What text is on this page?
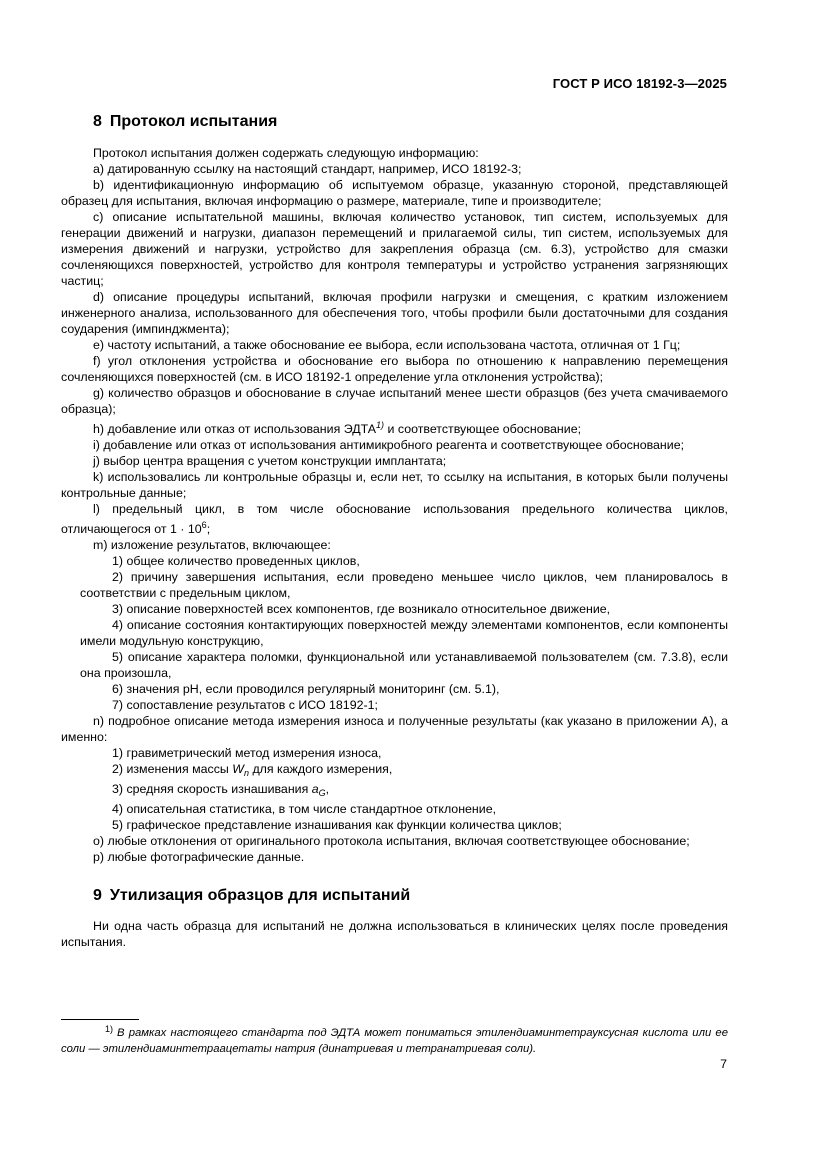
ГОСТ Р ИСО 18192-3—2025
8 Протокол испытания

Протокол испытания должен содержать следующую информацию:

a) датированную ссылку на настоящий стандарт, например, ИСО 18192-3;

b) идентификационную информацию об испытуемом образце, указанную стороной, представляющей образец для испытания, включая информацию о размере, материале, типе и производителе;

c) описание испытательной машины, включая количество установок, тип систем, используемых для генерации движений и нагрузки, диапазон перемещений и прилагаемой силы, тип систем, используемых для измерения движений и нагрузки, устройство для закрепления образца (см. 6.3), устройство для смазки сочленяющихся поверхностей, устройство для контроля температуры и устройство устранения загрязняющих частиц;

d) описание процедуры испытаний, включая профили нагрузки и смещения, с кратким изложением инженерного анализа, использованного для обеспечения того, чтобы профили были достаточными для создания соударения (импинджмента);

e) частоту испытаний, а также обоснование ее выбора, если использована частота, отличная от 1 Гц;

f) угол отклонения устройства и обоснование его выбора по отношению к направлению перемещения сочленяющихся поверхностей (см. в ИСО 18192-1 определение угла отклонения устройства);

g) количество образцов и обоснование в случае испытаний менее шести образцов (без учета смачиваемого образца);

h) добавление или отказ от использования ЭДТА$^{1)}$ и соответствующее обоснование;

i) добавление или отказ от использования антимикробного реагента и соответствующее обоснование;

j) выбор центра вращения с учетом конструкции имплантата;

k) использовались ли контрольные образцы и, если нет, то ссылку на испытания, в которых были получены контрольные данные;

l) предельный цикл, в том числе обоснование использования предельного количества циклов, отличающегося от $1 \cdot 10^6$;

m) изложение результатов, включающее:

1) общее количество проведенных циклов,

2) причину завершения испытания, если проведено меньшее число циклов, чем планировалось в соответствии с предельным циклом,

3) описание поверхностей всех компонентов, где возникало относительное движение,

4) описание состояния контактирующих поверхностей между элементами компонентов, если компоненты имели модульную конструкцию,

5) описание характера поломки, функциональной или устанавливаемой пользователем (см. 7.3.8), если она произошла,

6) значения pH, если проводился регулярный мониторинг (см. 5.1),

7) сопоставление результатов с ИСО 18192-1;

n) подробное описание метода измерения износа и полученные результаты (как указано в приложении A), а именно:

1) гравиметрический метод измерения износа,

2) изменения массы $W_n$ для каждого измерения,

3) средняя скорость изнашивания $a_G$,

4) описательная статистика, в том числе стандартное отклонение,

5) графическое представление изнашивания как функции количества циклов;

o) любые отклонения от оригинального протокола испытания, включая соответствующее обоснование;

p) любые фотографические данные.

9 Утилизация образцов для испытаний

Ни одна часть образца для испытаний не должна использоваться в клинических целях после проведения испытания.

$^{1)}$ В рамках настоящего стандарта под ЭДТА может пониматься этилендиаминтетрауксусная кислота или ее соли — этилендиаминтетраацетаты натрия (динатриевая и тетранатриевая соли).
7
